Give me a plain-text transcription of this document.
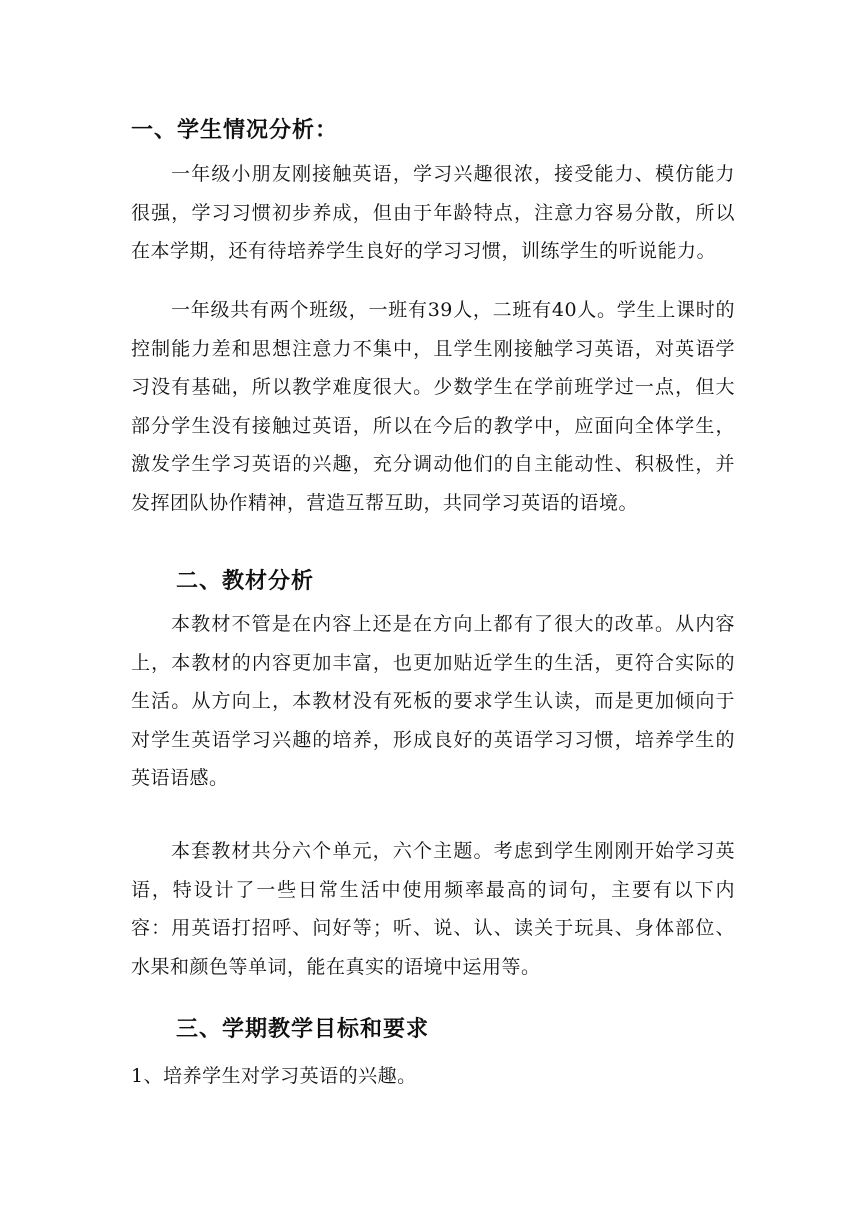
一、学生情况分析：

一年级小朋友刚接触英语，学习兴趣很浓，接受能力、模仿能力很强，学习习惯初步养成，但由于年龄特点，注意力容易分散，所以在本学期，还有待培养学生良好的学习习惯，训练学生的听说能力。

一年级共有两个班级，一班有39人，二班有40人。学生上课时的控制能力差和思想注意力不集中，且学生刚接触学习英语，对英语学习没有基础，所以教学难度很大。少数学生在学前班学过一点，但大部分学生没有接触过英语，所以在今后的教学中，应面向全体学生，激发学生学习英语的兴趣，充分调动他们的自主能动性、积极性，并发挥团队协作精神，营造互帮互助，共同学习英语的语境。

二、教材分析

本教材不管是在内容上还是在方向上都有了很大的改革。从内容上，本教材的内容更加丰富，也更加贴近学生的生活，更符合实际的生活。从方向上，本教材没有死板的要求学生认读，而是更加倾向于对学生英语学习兴趣的培养，形成良好的英语学习习惯，培养学生的英语语感。

本套教材共分六个单元，六个主题。考虑到学生刚刚开始学习英语，特设计了一些日常生活中使用频率最高的词句，主要有以下内容：用英语打招呼、问好等；听、说、认、读关于玩具、身体部位、水果和颜色等单词，能在真实的语境中运用等。

三、学期教学目标和要求
1、培养学生对学习英语的兴趣。
